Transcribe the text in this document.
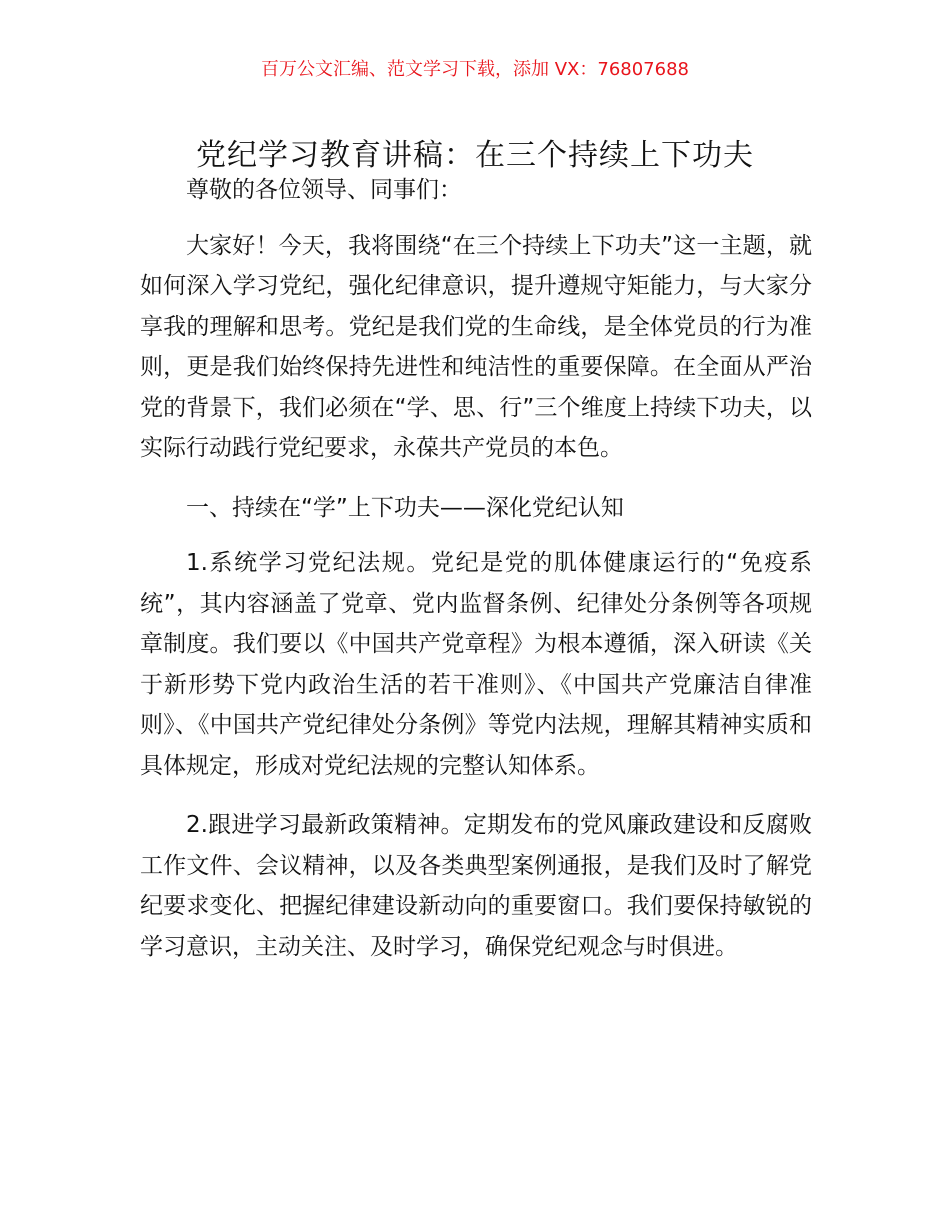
百万公文汇编、范文学习下载，添加 VX：76807688
党纪学习教育讲稿：在三个持续上下功夫

尊敬的各位领导、同事们：

大家好！今天，我将围绕“在三个持续上下功夫”这一主题，就如何深入学习党纪，强化纪律意识，提升遵规守矩能力，与大家分享我的理解和思考。党纪是我们党的生命线，是全体党员的行为准则，更是我们始终保持先进性和纯洁性的重要保障。在全面从严治党的背景下，我们必须在“学、思、行”三个维度上持续下功夫，以实际行动践行党纪要求，永葆共产党员的本色。

一、持续在“学”上下功夫——深化党纪认知

1.系统学习党纪法规。党纪是党的肌体健康运行的“免疫系统”，其内容涵盖了党章、党内监督条例、纪律处分条例等各项规章制度。我们要以《中国共产党章程》为根本遵循，深入研读《关于新形势下党内政治生活的若干准则》、《中国共产党廉洁自律准则》、《中国共产党纪律处分条例》等党内法规，理解其精神实质和具体规定，形成对党纪法规的完整认知体系。

2.跟进学习最新政策精神。定期发布的党风廉政建设和反腐败工作文件、会议精神，以及各类典型案例通报，是我们及时了解党纪要求变化、把握纪律建设新动向的重要窗口。我们要保持敏锐的学习意识，主动关注、及时学习，确保党纪观念与时俱进。
